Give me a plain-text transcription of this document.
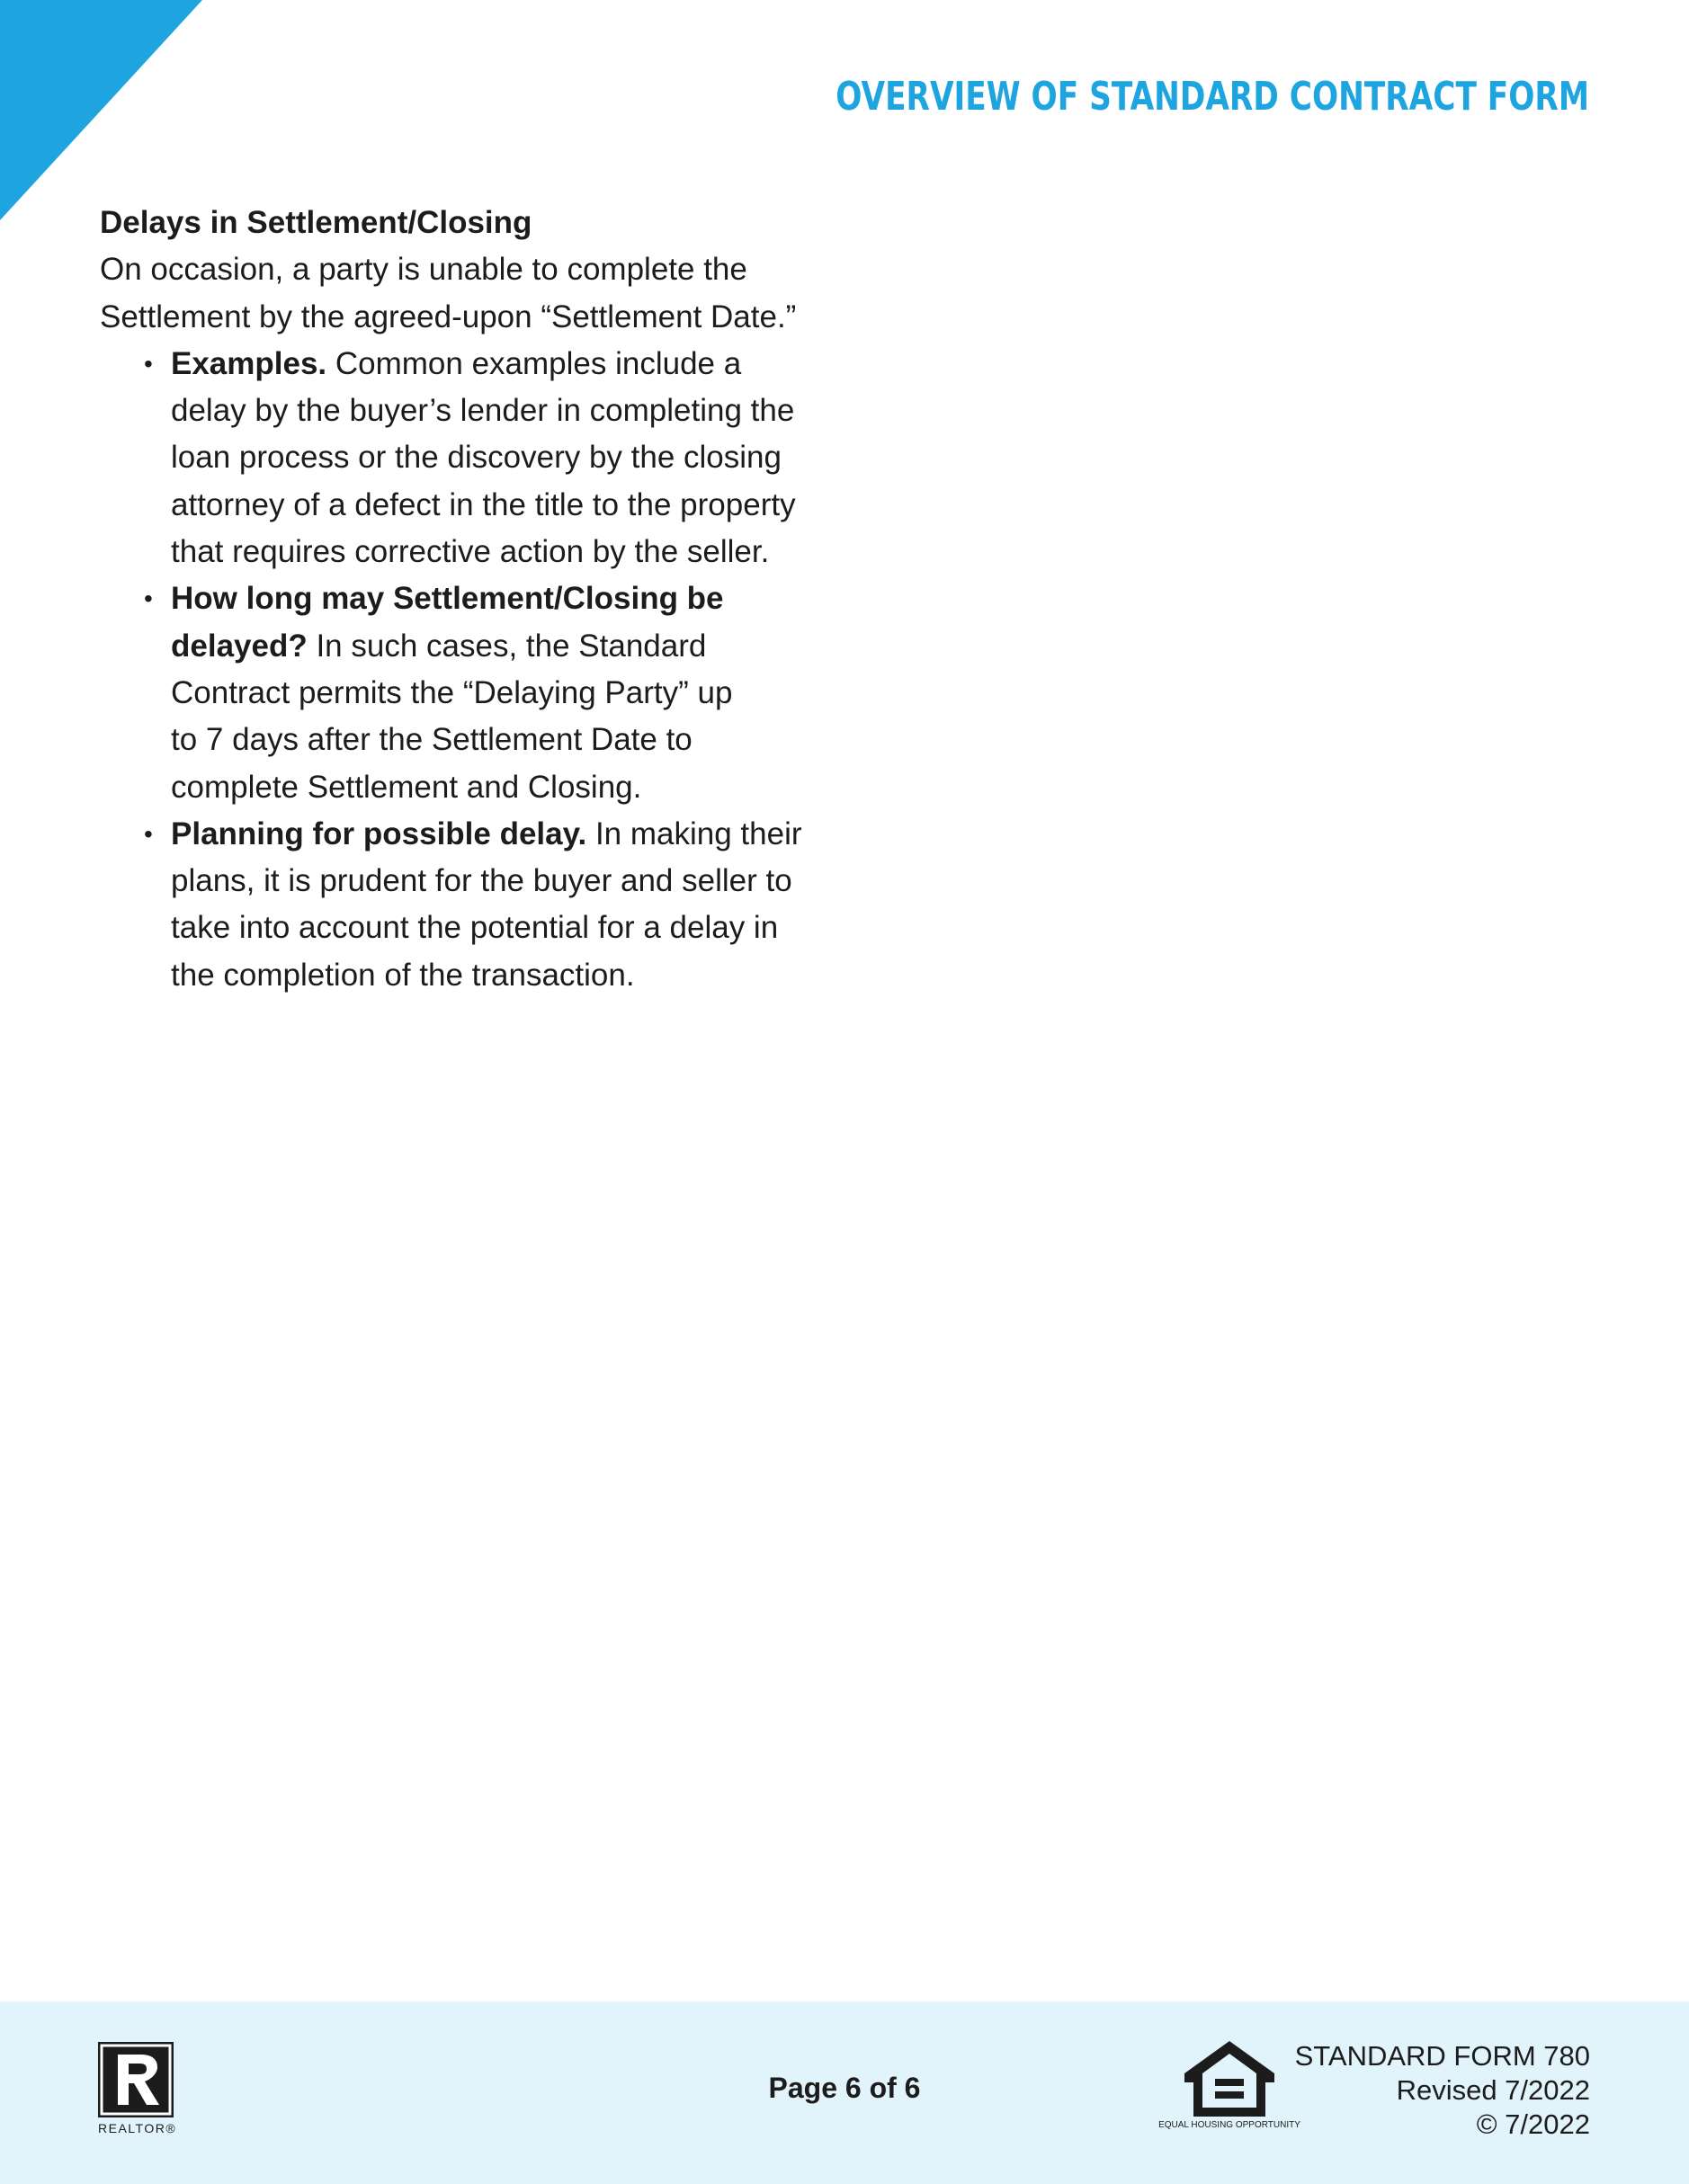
OVERVIEW OF STANDARD CONTRACT FORM

Delays in Settlement/Closing

On occasion, a party is unable to complete the
Settlement by the agreed-upon “Settlement Date.”

• Examples. Common examples include a delay by the buyer’s lender in completing the loan process or the discovery by the closing attorney of a defect in the title to the property that requires corrective action by the seller.
• How long may Settlement/Closing be delayed? In such cases, the Standard Contract permits the “Delaying Party” up to 7 days after the Settlement Date to complete Settlement and Closing.
• Planning for possible delay. In making their plans, it is prudent for the buyer and seller to take into account the potential for a delay in the completion of the transaction.
REALTOR®
Page 6 of 6
EQUAL HOUSING OPPORTUNITY
STANDARD FORM 780
Revised 7/2022
© 7/2022
